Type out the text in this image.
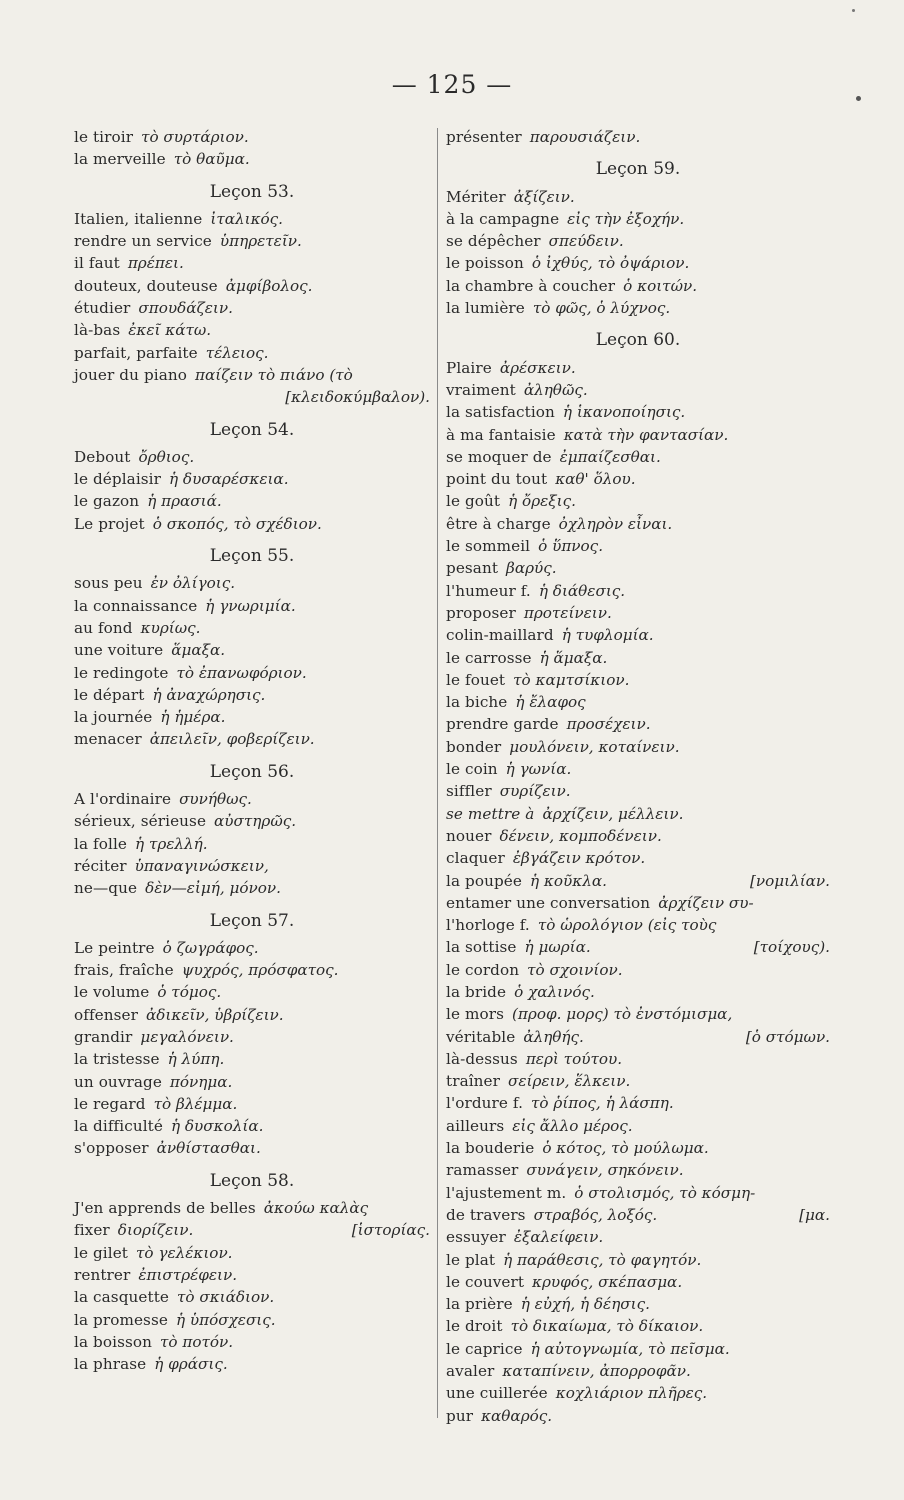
— 125 —
le tiroir τὸ συρτάριον.
la merveille τὸ θαῦμα.
Leçon 53.
Italien, italienne ἰταλικός.
rendre un service ὑπηρετεῖν.
il faut πρέπει.
douteux, douteuse ἀμφίβολος.
étudier σπουδάζειν.
là-bas ἐκεῖ κάτω.
parfait, parfaite τέλειος.
jouer du piano παίζειν τὸ πιάνο (τὸ
[κλειδοκύμβαλον).
Leçon 54.
Debout ὄρθιος.
le déplaisir ἡ δυσαρέσκεια.
le gazon ἡ πρασιά.
Le projet ὁ σκοπός, τὸ σχέδιον.
Leçon 55.
sous peu ἐν ὀλίγοις.
la connaissance ἡ γνωριμία.
au fond κυρίως.
une voiture ἅμαξα.
le redingote τὸ ἐπανωφόριον.
le départ ἡ ἀναχώρησις.
la journée ἡ ἡμέρα.
menacer ἀπειλεῖν, φοβερίζειν.
Leçon 56.
A l'ordinaire συνήθως.
sérieux, sérieuse αὐστηρῶς.
la folle ἡ τρελλή.
réciter ὑπαναγινώσκειν,
ne—que δὲν—εἰμή, μόνον.
Leçon 57.
Le peintre ὁ ζωγράφος.
frais, fraîche ψυχρός, πρόσφατος.
le volume ὁ τόμος.
offenser ἀδικεῖν, ὑβρίζειν.
grandir μεγαλόνειν.
la tristesse ἡ λύπη.
un ouvrage πόνημα.
le regard τὸ βλέμμα.
la difficulté ἡ δυσκολία.
s'opposer ἀνθίστασθαι.
Leçon 58.
J'en apprends de belles ἀκούω καλὰς
fixer διορίζειν.	[ἱστορίας.
le gilet τὸ γελέκιον.
rentrer ἐπιστρέφειν.
la casquette τὸ σκιάδιον.
la promesse ἡ ὑπόσχεσις.
la boisson τὸ ποτόν.
la phrase ἡ φράσις.
présenter παρουσιάζειν.
Leçon 59.
Mériter ἀξίζειν.
à la campagne εἰς τὴν ἐξοχήν.
se dépêcher σπεύδειν.
le poisson ὁ ἰχθύς, τὸ ὀψάριον.
la chambre à coucher ὁ κοιτών.
la lumière τὸ φῶς, ὁ λύχνος.
Leçon 60.
Plaire ἀρέσκειν.
vraiment ἀληθῶς.
la satisfaction ἡ ἱκανοποίησις.
à ma fantaisie κατὰ τὴν φαντασίαν.
se moquer de ἐμπαίζεσθαι.
point du tout καθ' ὅλου.
le goût ἡ ὄρεξις.
être à charge ὀχληρὸν εἶναι.
le sommeil ὁ ὕπνος.
pesant βαρύς.
l'humeur f. ἡ διάθεσις.
proposer προτείνειν.
colin-maillard ἡ τυφλομία.
le carrosse ἡ ἅμαξα.
le fouet τὸ καμτσίκιον.
la biche ἡ ἔλαφος
prendre garde προσέχειν.
bonder μουλόνειν, κοταίνειν.
le coin ἡ γωνία.
siffler συρίζειν.
se mettre à ἀρχίζειν, μέλλειν.
nouer δένειν, κομποδένειν.
claquer ἐβγάζειν κρότον.
la poupée ἡ κοῦκλα.	[νομιλίαν.
entamer une conversation ἀρχίζειν συ-
l'horloge f. τὸ ὡρολόγιον (εἰς τοὺς
la sottise ἡ μωρία.	[τοίχους).
le cordon τὸ σχοινίον.
la bride ὁ χαλινός.
le mors (προφ. μορς) τὸ ἐνστόμισμα,
véritable ἀληθής.	[ὁ στόμων.
là-dessus περὶ τούτου.
traîner σείρειν, ἕλκειν.
l'ordure f. τὸ ῥίπος, ἡ λάσπη.
ailleurs εἰς ἄλλο μέρος.
la bouderie ὁ κότος, τὸ μούλωμα.
ramasser συνάγειν, σηκόνειν.
l'ajustement m. ὁ στολισμός, τὸ κόσμη-
de travers στραβός, λοξός.	[μα.
essuyer ἐξαλείφειν.
le plat ἡ παράθεσις, τὸ φαγητόν.
le couvert κρυφός, σκέπασμα.
la prière ἡ εὐχή, ἡ δέησις.
le droit τὸ δικαίωμα, τὸ δίκαιον.
le caprice ἡ αὐτογνωμία, τὸ πεῖσμα.
avaler καταπίνειν, ἀπορροφᾶν.
une cuillerée κοχλιάριον πλῆρες.
pur καθαρός.
